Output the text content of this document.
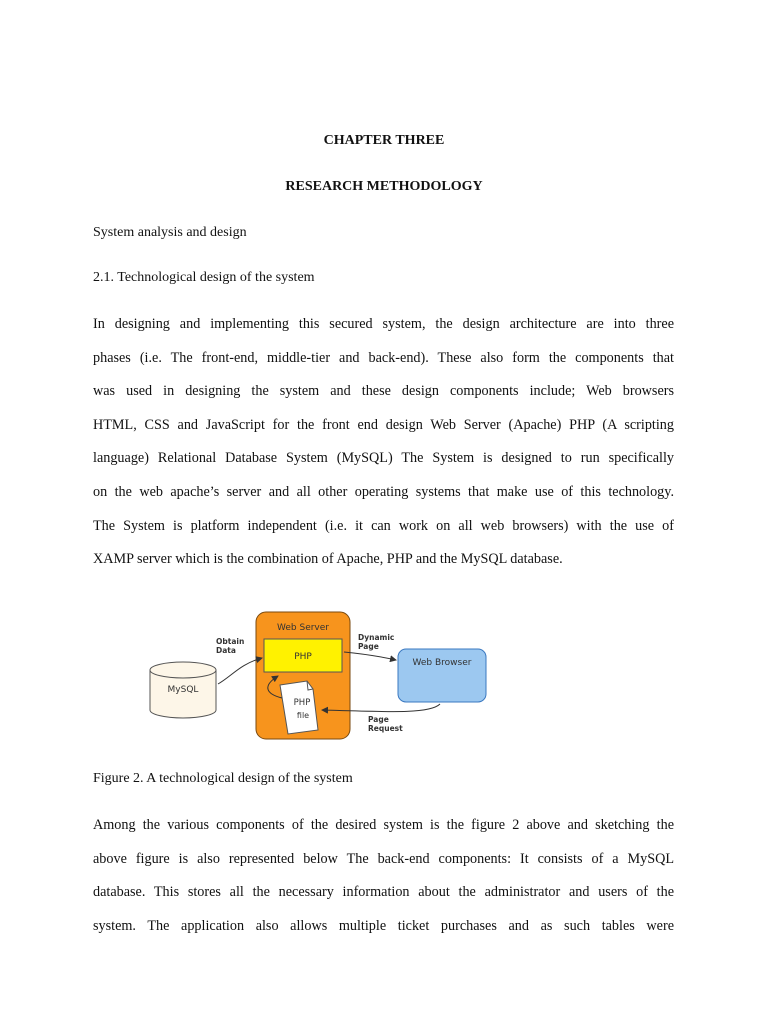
CHAPTER THREE
RESEARCH METHODOLOGY
System analysis and design
2.1. Technological design of the system
In designing and implementing this secured system, the design architecture are into three
phases (i.e. The front-end, middle-tier and back-end). These also form the components that
was used in designing the system and these design components include; Web browsers
HTML, CSS and JavaScript for the front end design Web Server (Apache) PHP (A scripting
language) Relational Database System (MySQL) The System is designed to run specifically
on the web apache’s server and all other operating systems that make use of this technology.
The System is platform independent (i.e. it can work on all web browsers) with the use of
XAMP server which is the combination of Apache, PHP and the MySQL database.
MySQL
Web Server
PHP
PHP
file
Web Browser
Obtain
Data
Dynamic
Page
Page
Request
Figure 2. A technological design of the system
Among the various components of the desired system is the figure 2 above and sketching the
above figure is also represented below The back-end components: It consists of a MySQL
database. This stores all the necessary information about the administrator and users of the
system. The application also allows multiple ticket purchases and as such tables were
